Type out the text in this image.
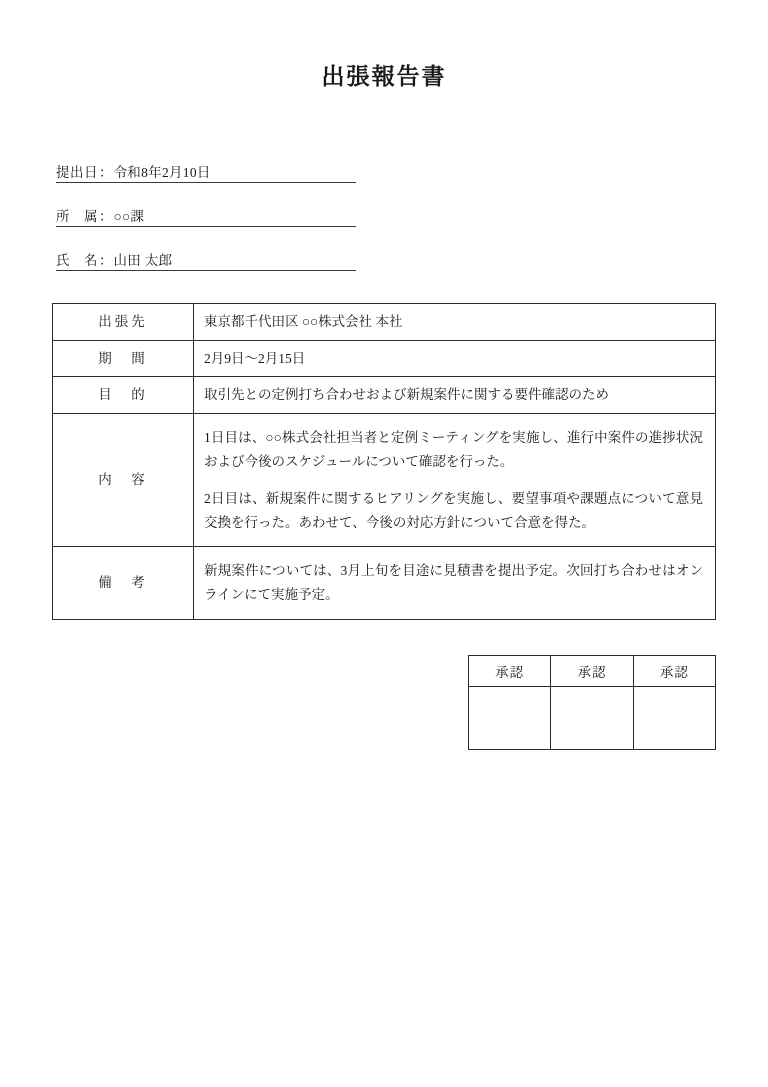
出張報告書
提出日 ： 令和8年2月10日
所　属 ： ○○課
氏　名 ： 山田 太郎
出張先	東京都千代田区 ○○株式会社 本社
期　間	2月9日〜2月15日
目　的	取引先との定例打ち合わせおよび新規案件に関する要件確認のため
内　容	1日目は、○○株式会社担当者と定例ミーティングを実施し、進行中案件の進捗状況および今後のスケジュールについて確認を行った。

2日目は、新規案件に関するヒアリングを実施し、要望事項や課題点について意見交換を行った。あわせて、今後の対応方針について合意を得た。

備　考	新規案件については、3月上旬を目途に見積書を提出予定。次回打ち合わせはオンラインにて実施予定。

承認	承認	承認
